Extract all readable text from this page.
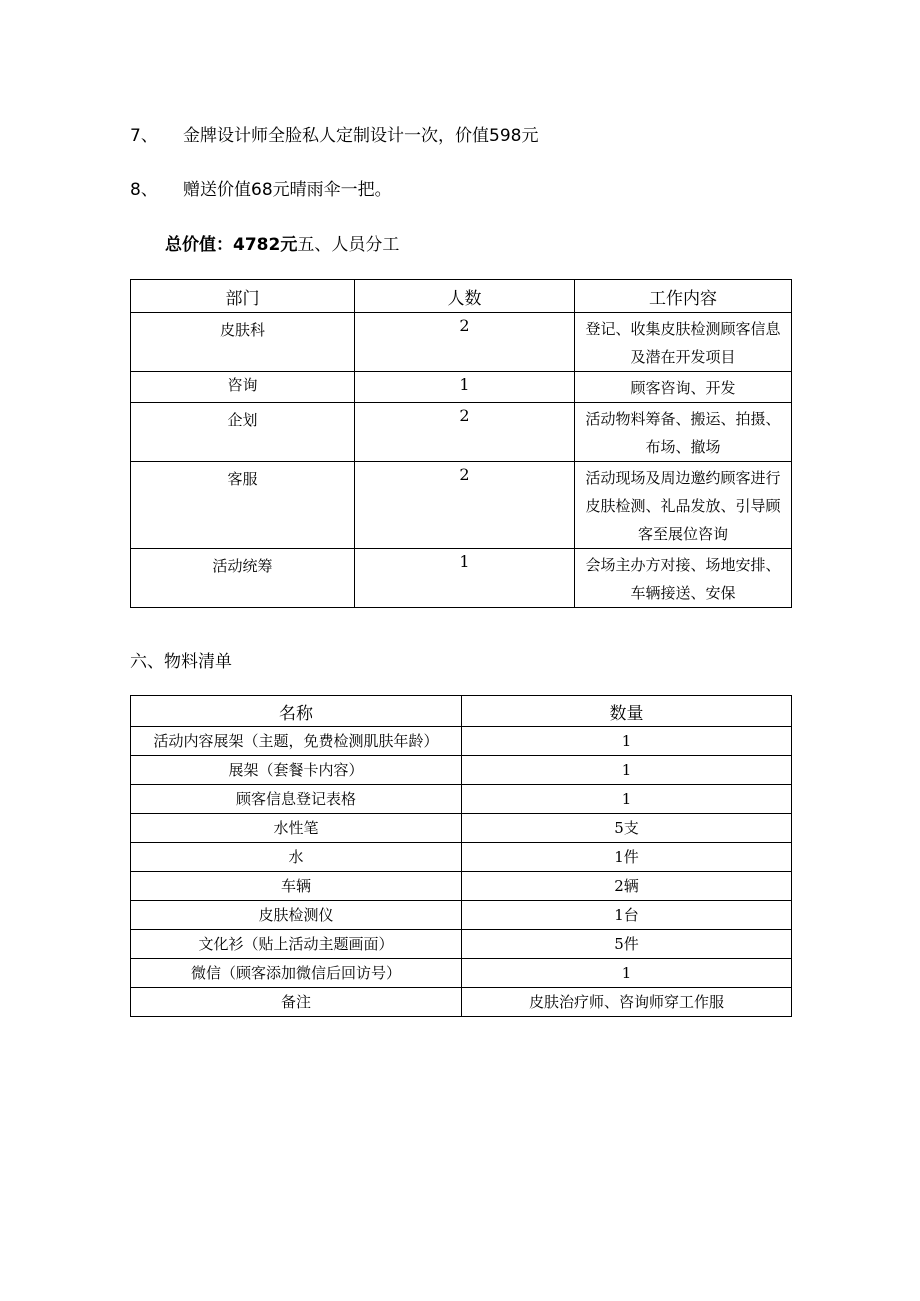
7、 金牌设计师全脸私人定制设计一次，价值598元
8、 赠送价值68元晴雨伞一把。
总价值：4782元五、人员分工
部门	人数	工作内容
皮肤科	2	登记、收集皮肤检测顾客信息及潜在开发项目
咨询	1	顾客咨询、开发
企划	2	活动物料筹备、搬运、拍摄、布场、撤场
客服	2	活动现场及周边邀约顾客进行皮肤检测、礼品发放、引导顾客至展位咨询
活动统筹	1	会场主办方对接、场地安排、车辆接送、安保
六、物料清单
名称	数量
活动内容展架（主题，免费检测肌肤年龄）	1
展架（套餐卡内容）	1
顾客信息登记表格	1
水性笔	5支
水	1件
车辆	2辆
皮肤检测仪	1台
文化衫（贴上活动主题画面）	5件
微信（顾客添加微信后回访号）	1
备注	皮肤治疗师、咨询师穿工作服
